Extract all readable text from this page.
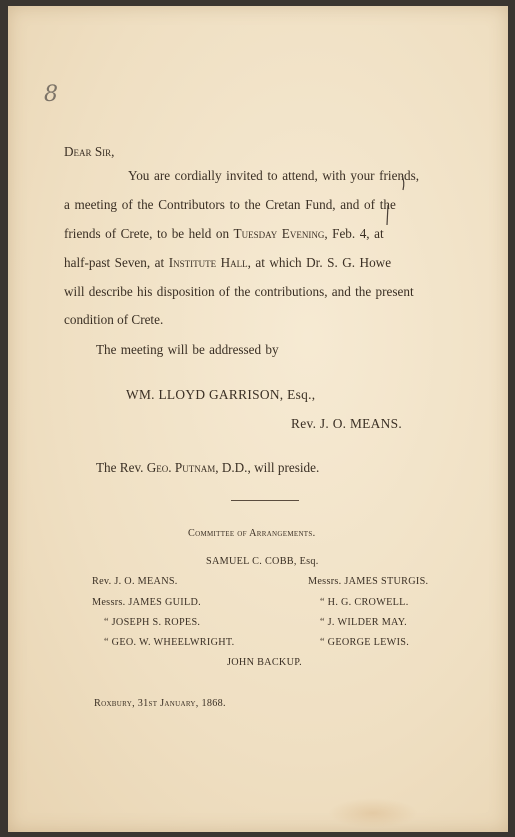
8
Dear Sir,
You are cordially invited to attend, with your friends,
a meeting of the Contributors to the Cretan Fund, and of the
friends of Crete, to be held on Tuesday Evening, Feb. 4, at
half-past Seven, at Institute Hall, at which Dr. S. G. Howe
will describe his disposition of the contributions, and the present
condition of Crete.
The meeting will be addressed by
WM. LLOYD GARRISON, Esq.,
Rev. J. O. MEANS.
The Rev. Geo. Putnam, D.D., will preside.
Committee of Arrangements.
SAMUEL C. COBB, Esq.
Rev. J. O. MEANS.
Messrs. JAMES GUILD.
“ JOSEPH S. ROPES.
“ GEO. W. WHEELWRIGHT.
Messrs. JAMES STURGIS.
“ H. G. CROWELL.
“ J. WILDER MAY.
“ GEORGE LEWIS.
JOHN BACKUP.
Roxbury, 31st January, 1868.
